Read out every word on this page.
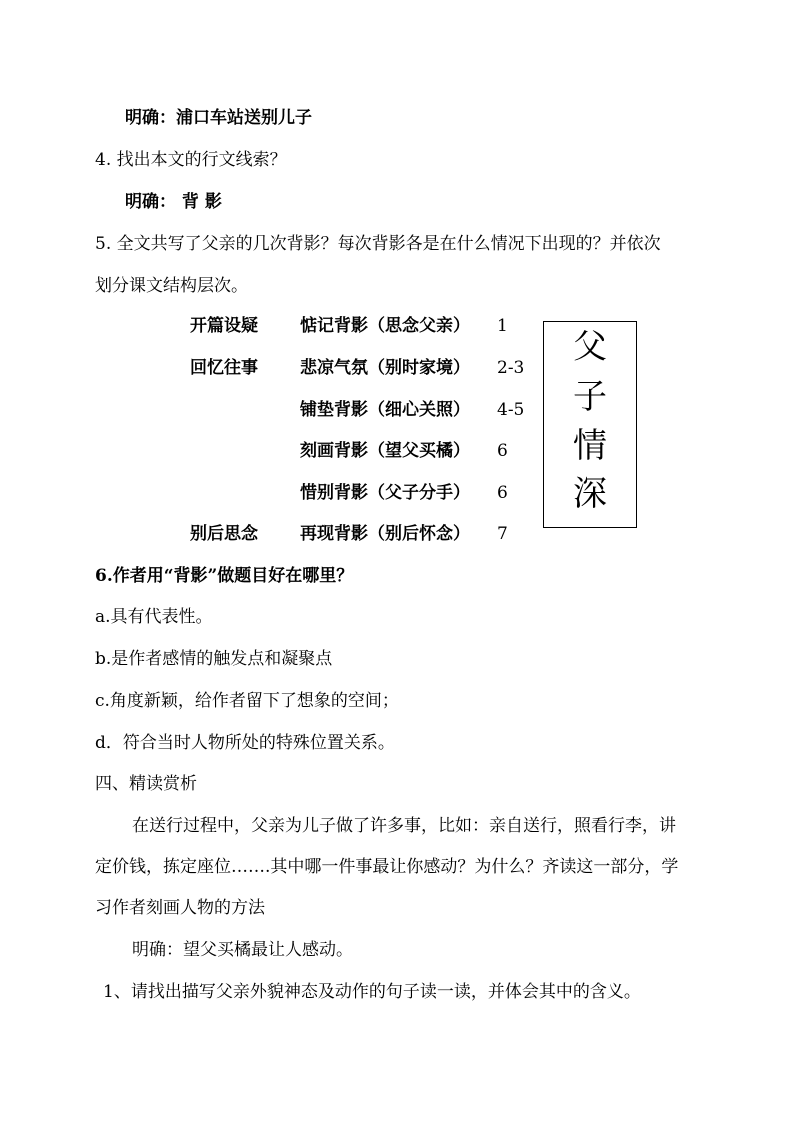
明确：浦口车站送别儿子
4. 找出本文的行文线索？
明确： 背 影
5. 全文共写了父亲的几次背影？每次背影各是在什么情况下出现的？并依次
划分课文结构层次。
开篇设疑 惦记背影（思念父亲） 1
回忆往事 悲凉气氛（别时家境） 2-3
铺垫背影（细心关照） 4-5
刻画背影（望父买橘） 6
惜别背影（父子分手） 6
别后思念 再现背影（别后怀念） 7
父
子
情
深
6.作者用“背影”做题目好在哪里？
a.具有代表性。
b.是作者感情的触发点和凝聚点
c.角度新颖，给作者留下了想象的空间；
d．符合当时人物所处的特殊位置关系。
四、精读赏析
在送行过程中，父亲为儿子做了许多事，比如：亲自送行，照看行李，讲
定价钱，拣定座位…….其中哪一件事最让你感动？为什么？齐读这一部分，学
习作者刻画人物的方法
明确：望父买橘最让人感动。
1、请找出描写父亲外貌神态及动作的句子读一读，并体会其中的含义。
